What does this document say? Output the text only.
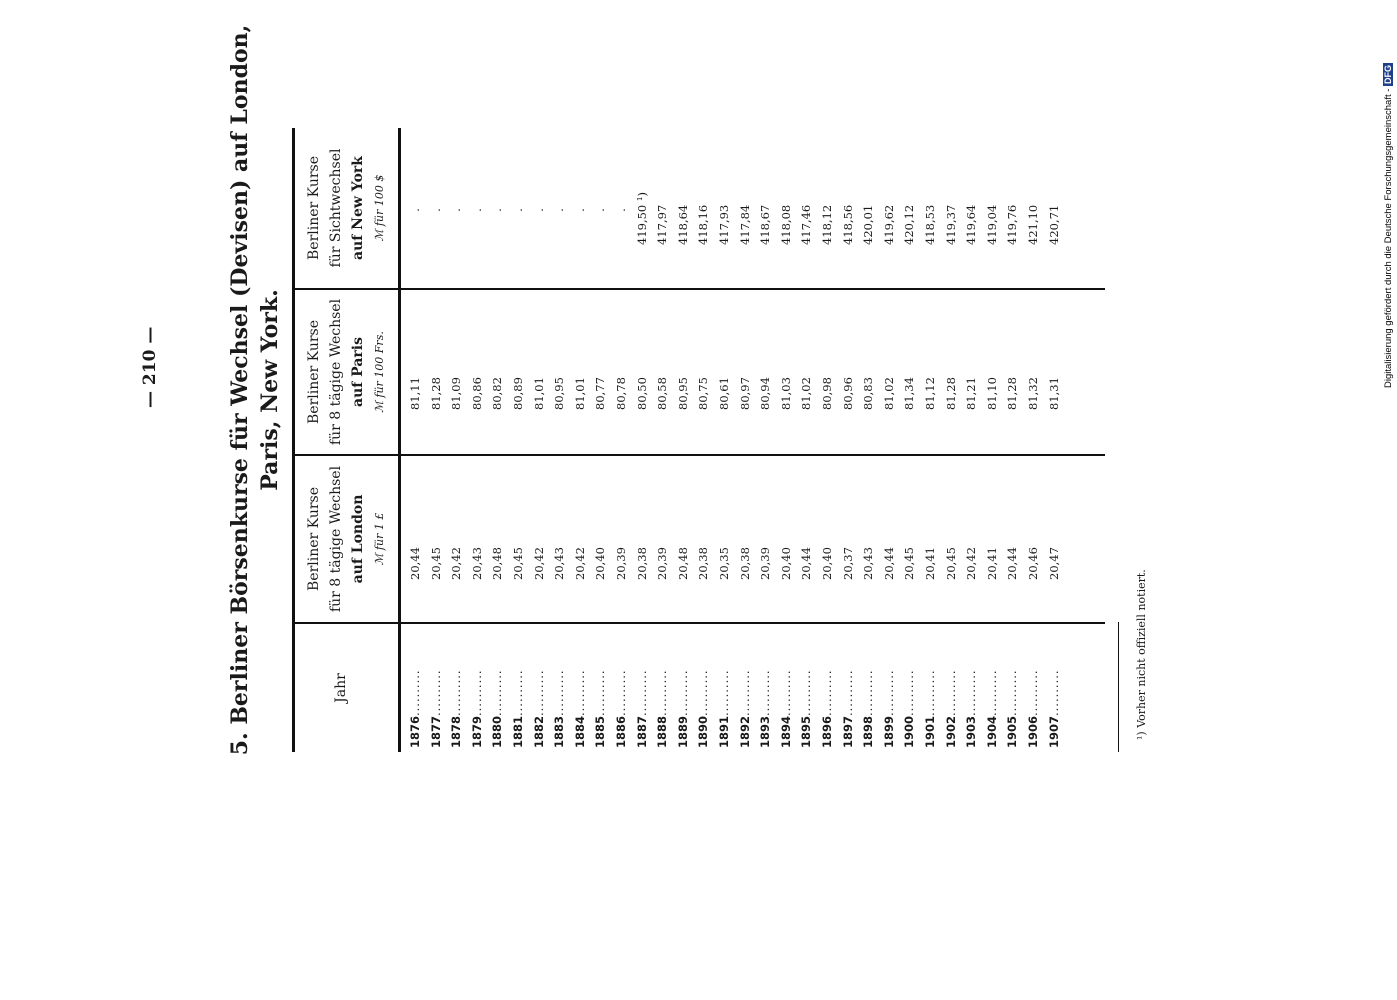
— 210 —	5. Berliner Börsenkurse für Wechsel (Devisen) auf London, Paris, New York.
Jahr
Berliner Kurse für 8 tägige Wechsel auf London ℳ für 1 £
Berliner Kurse für 8 tägige Wechsel auf Paris ℳ für 100 Frs.
Berliner Kurse für Sichtwechsel auf New York ℳ für 100 $
1876
..........
20,44
81,11
.
1877
..........
20,45
81,28
.
1878
..........
20,42
81,09
.
1879
..........
20,43
80,86
.
1880
..........
20,48
80,82
.
1881
..........
20,45
80,89
.
1882
..........
20,42
81,01
.
1883
..........
20,43
80,95
.
1884
..........
20,42
81,01
.
1885
..........
20,40
80,77
.
1886
..........
20,39
80,78
.
1887
..........
20,38
80,50
419,50 ¹)
1888
..........
20,39
80,58
417,97
1889
..........
20,48
80,95
418,64
1890
..........
20,38
80,75
418,16
1891
..........
20,35
80,61
417,93
1892
..........
20,38
80,97
417,84
1893
..........
20,39
80,94
418,67
1894
..........
20,40
81,03
418,08
1895
..........
20,44
81,02
417,46
1896
..........
20,40
80,98
418,12
1897
..........
20,37
80,96
418,56
1898
..........
20,43
80,83
420,01
1899
..........
20,44
81,02
419,62
1900
..........
20,45
81,34
420,12
1901
..........
20,41
81,12
418,53
1902
..........
20,45
81,28
419,37
1903
..........
20,42
81,21
419,64
1904
..........
20,41
81,10
419,04
1905
..........
20,44
81,28
419,76
1906
..........
20,46
81,32
421,10
1907
..........
20,47
81,31
420,71
¹) Vorher nicht offiziell notiert.
Digitalisierung gefördert durch die Deutsche Forschungsgemeinschaft - DFG
